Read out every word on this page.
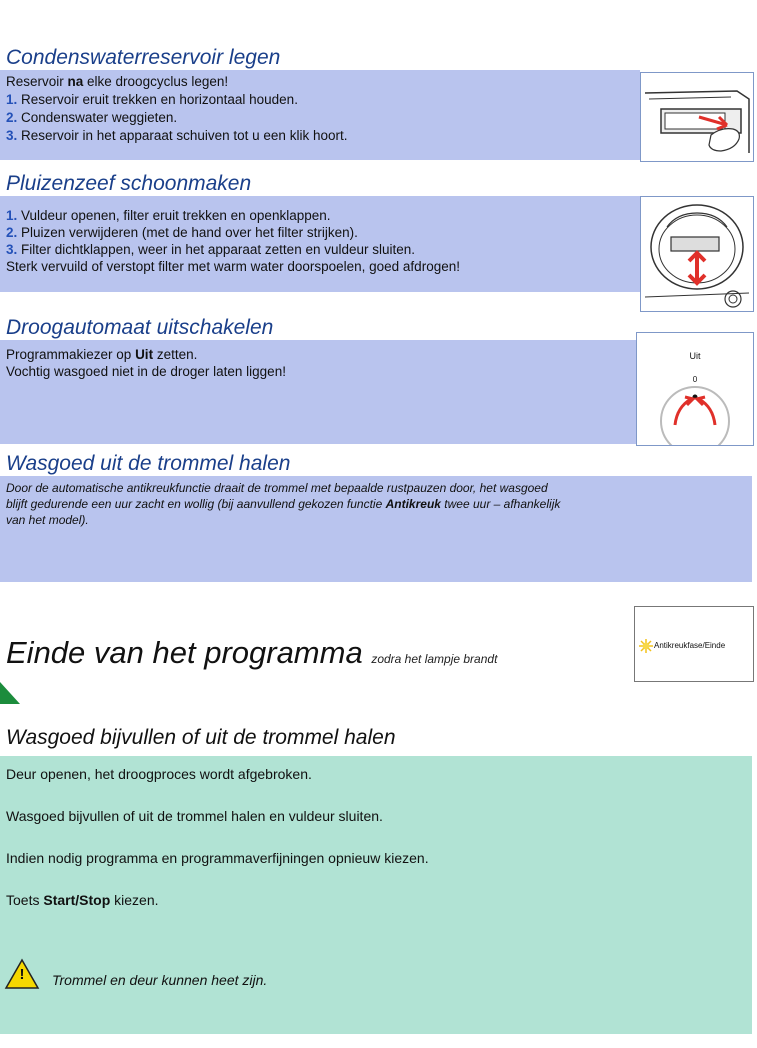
Condenswaterreservoir legen
Reservoir na elke droogcyclus legen!
1. Reservoir eruit trekken en horizontaal houden.
2. Condenswater weggieten.
3. Reservoir in het apparaat schuiven tot u een klik hoort.
Pluizenzeef schoonmaken
1. Vuldeur openen, filter eruit trekken en openklappen.
2. Pluizen verwijderen (met de hand over het filter strijken).
3. Filter dichtklappen, weer in het apparaat zetten en vuldeur sluiten.
Sterk vervuild of verstopt filter met warm water doorspoelen, goed afdrogen!
Droogautomaat uitschakelen
Programmakiezer op Uit zetten.
Vochtig wasgoed niet in de droger laten liggen!
Uit
0
Wasgoed uit de trommel halen
Door de automatische antikreukfunctie draait de trommel met bepaalde rustpauzen door, het wasgoed
blijft gedurende een uur zacht en wollig (bij aanvullend gekozen functie Antikreuk twee uur – afhankelijk
van het model).
Einde van het programma zodra het lampje brandt
Antikreukfase/Einde
Wasgoed bijvullen of uit de trommel halen
Deur openen, het droogproces wordt afgebroken.
Wasgoed bijvullen of uit de trommel halen en vuldeur sluiten.
Indien nodig programma en programmaverfijningen opnieuw kiezen.
Toets Start/Stop kiezen.
!	Trommel en deur kunnen heet zijn.
